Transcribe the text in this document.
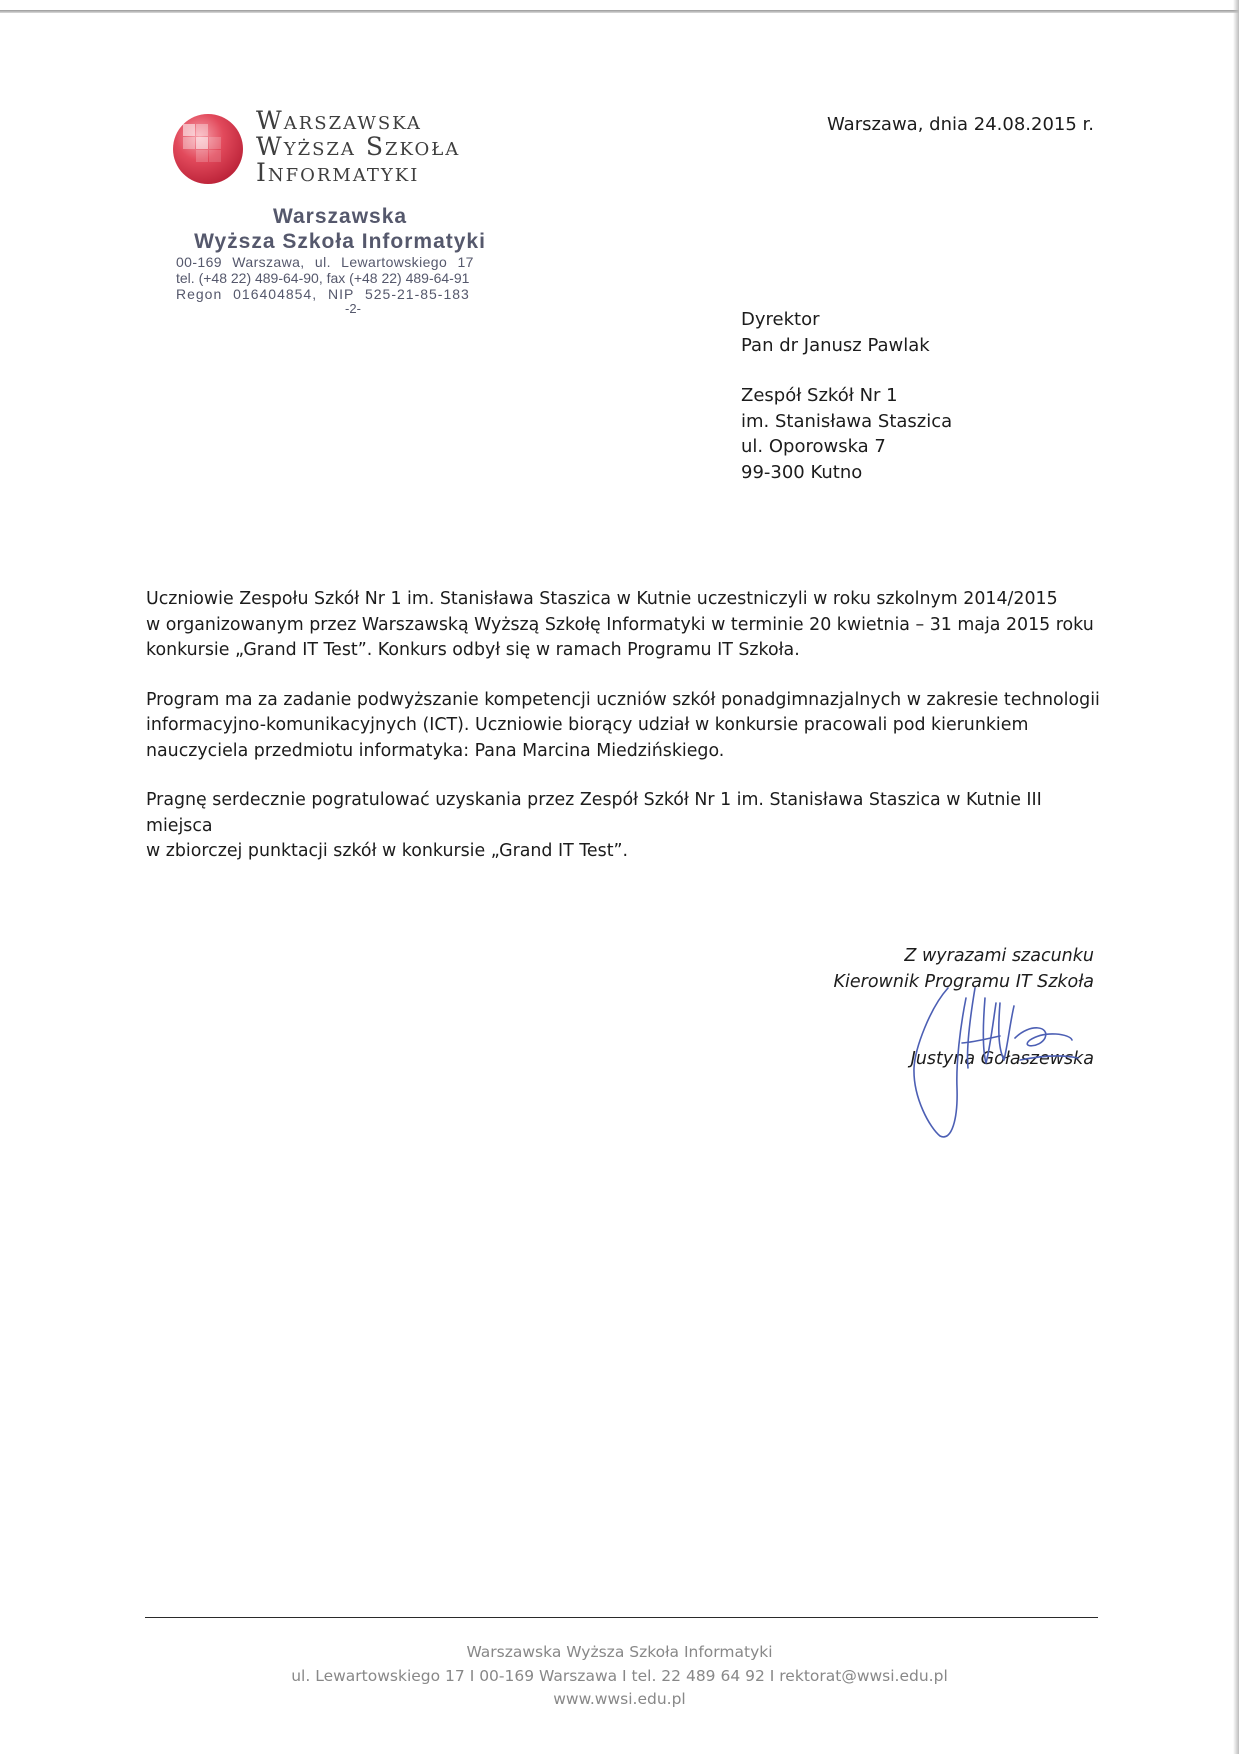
Warszawska
Wyższa Szkoła
Informatyki
Warszawa, dnia 24.08.2015 r.
Warszawska
Wyższa Szkoła Informatyki
00-169 Warszawa, ul. Lewartowskiego 17
tel. (+48 22) 489-64-90, fax (+48 22) 489-64-91
Regon 016404854, NIP 525-21-85-183
-2-
Dyrektor
Pan dr Janusz Pawlak
Zespół Szkół Nr 1
im. Stanisława Staszica
ul. Oporowska 7
99-300 Kutno

Uczniowie Zespołu Szkół Nr 1 im. Stanisława Staszica w Kutnie uczestniczyli w roku szkolnym 2014/2015
w organizowanym przez Warszawską Wyższą Szkołę Informatyki w terminie 20 kwietnia – 31 maja 2015 roku
konkursie „Grand IT Test”. Konkurs odbył się w ramach Programu IT Szkoła.

Program ma za zadanie podwyższanie kompetencji uczniów szkół ponadgimnazjalnych w zakresie technologii
informacyjno-komunikacyjnych (ICT). Uczniowie biorący udział w konkursie pracowali pod kierunkiem
nauczyciela przedmiotu informatyka: Pana Marcina Miedzińskiego.

Pragnę serdecznie pogratulować uzyskania przez Zespół Szkół Nr 1 im. Stanisława Staszica w Kutnie III miejsca
w zbiorczej punktacji szkół w konkursie „Grand IT Test”.

Z wyrazami szacunku
Kierownik Programu IT Szkoła
Justyna Gołaszewska
Warszawska Wyższa Szkoła Informatyki
ul. Lewartowskiego 17 I 00-169 Warszawa I tel. 22 489 64 92 I rektorat@wwsi.edu.pl
www.wwsi.edu.pl
